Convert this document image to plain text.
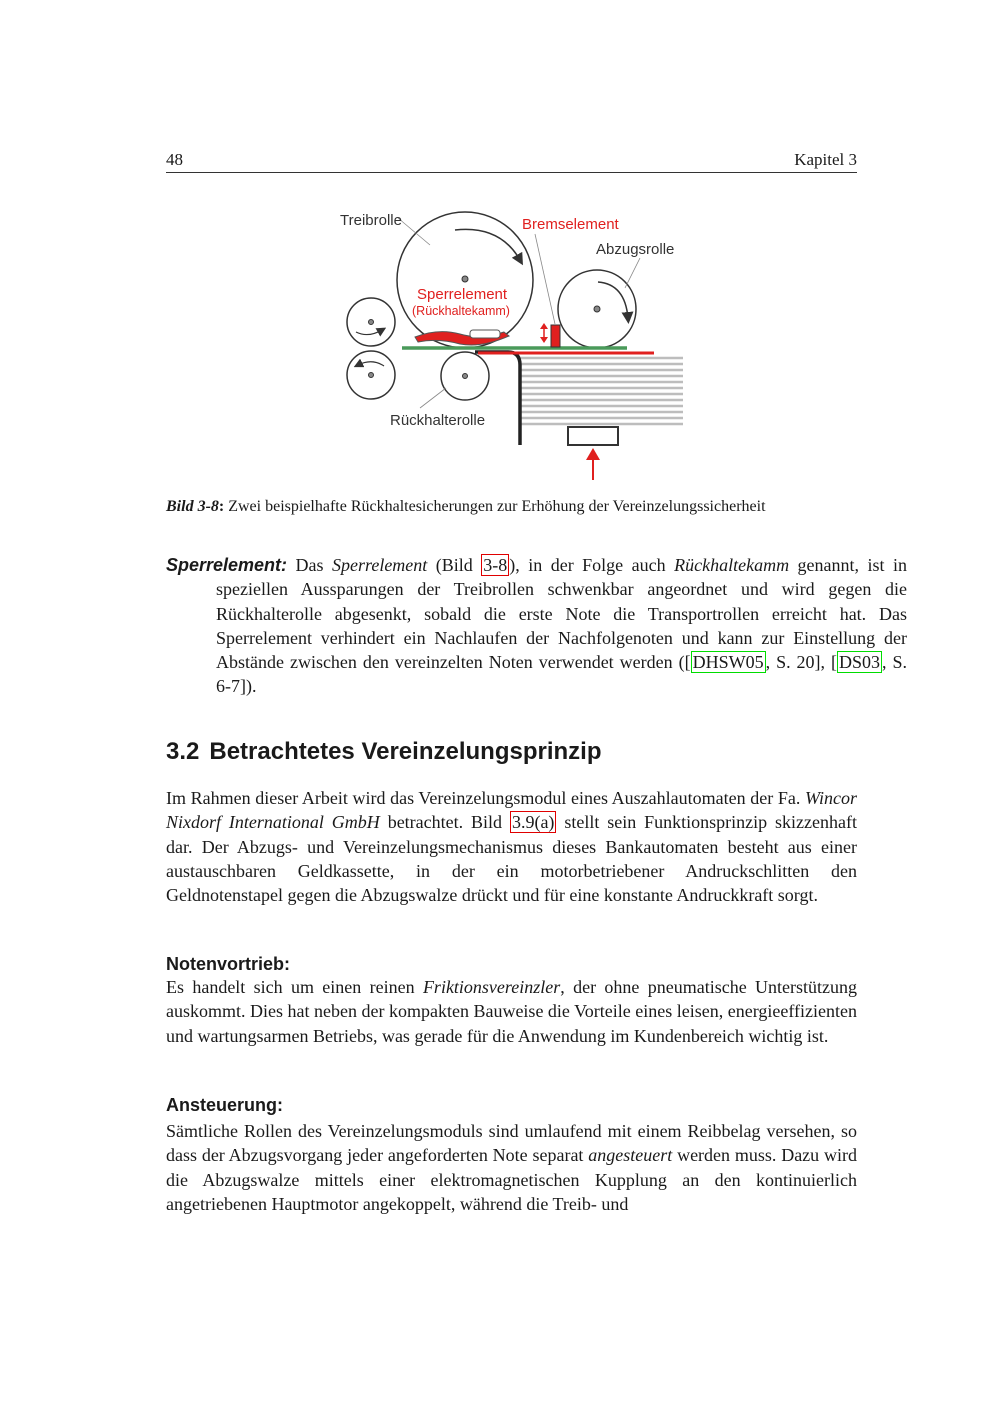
48	Kapitel 3
Treibrolle	Bremselement
Abzugsrolle
Sperrelement
(Rückhaltekamm)
Rückhalterolle
Bild 3-8: Zwei beispielhafte Rückhaltesicherungen zur Erhöhung der Vereinzelungssicherheit
Sperrelement: Das Sperrelement (Bild 3-8 ), in der Folge auch Rückhaltekamm genannt, ist in speziellen Aussparungen der Treibrollen schwenkbar angeordnet und wird gegen die Rückhalterolle abgesenkt, sobald die erste Note die Transportrollen erreicht hat. Das Sperrelement verhindert ein Nachlaufen der Nachfolgenoten und kann zur Einstellung der Abstände zwischen den vereinzelten Noten verwendet werden ([ DHSW05 , S. 20], [ DS03 , S. 6-7]).
3.2 Betrachtetes Vereinzelungsprinzip
Im Rahmen dieser Arbeit wird das Vereinzelungsmodul eines Auszahlautomaten der Fa. Wincor Nixdorf International GmbH betrachtet. Bild 3.9(a) stellt sein Funktionsprinzip skizzenhaft dar. Der Abzugs- und Vereinzelungsmechanismus dieses Bankautomaten besteht aus einer austauschbaren Geldkassette, in der ein motorbetriebener Andruckschlitten den Geldnotenstapel gegen die Abzugswalze drückt und für eine konstante Andruckkraft sorgt.
Notenvortrieb:
Es handelt sich um einen reinen Friktionsvereinzler, der ohne pneumatische Unterstützung auskommt. Dies hat neben der kompakten Bauweise die Vorteile eines leisen, energieeffizienten und wartungsarmen Betriebs, was gerade für die Anwendung im Kundenbereich wichtig ist.
Ansteuerung:
Sämtliche Rollen des Vereinzelungsmoduls sind umlaufend mit einem Reibbelag versehen, so dass der Abzugsvorgang jeder angeforderten Note separat angesteuert werden muss. Dazu wird die Abzugswalze mittels einer elektromagnetischen Kupplung an den kontinuierlich angetriebenen Hauptmotor angekoppelt, während die Treib- und
